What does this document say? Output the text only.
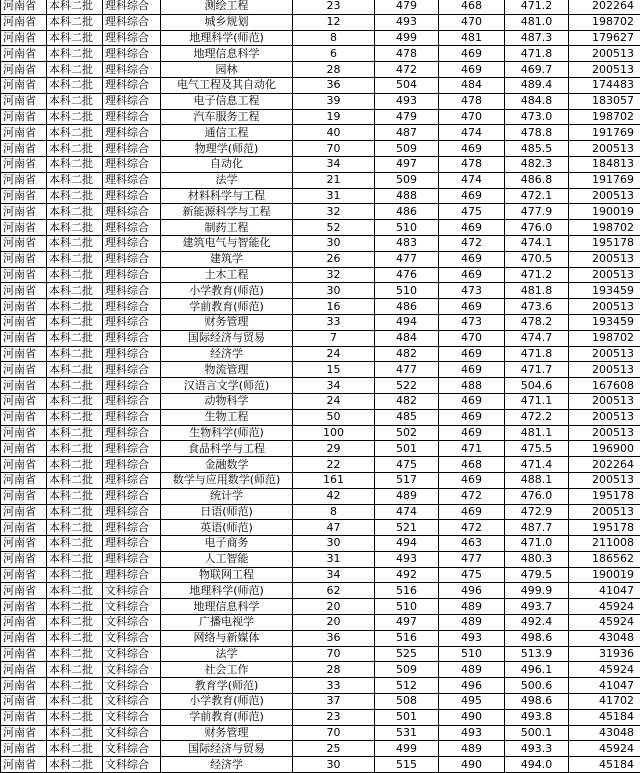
河南省	本科二批	理科综合	测绘工程	23	479	468	471.2	202264
河南省	本科二批	理科综合	城乡规划	12	493	470	481.0	198702
河南省	本科二批	理科综合	地理科学(师范)	8	499	481	487.3	179627
河南省	本科二批	理科综合	地理信息科学	6	478	469	471.8	200513
河南省	本科二批	理科综合	园林	28	472	469	469.7	200513
河南省	本科二批	理科综合	电气工程及其自动化	36	504	484	489.4	174483
河南省	本科二批	理科综合	电子信息工程	39	493	478	484.8	183057
河南省	本科二批	理科综合	汽车服务工程	19	479	470	473.0	198702
河南省	本科二批	理科综合	通信工程	40	487	474	478.8	191769
河南省	本科二批	理科综合	物理学(师范)	70	509	469	485.5	200513
河南省	本科二批	理科综合	自动化	34	497	478	482.3	184813
河南省	本科二批	理科综合	法学	21	509	474	486.8	191769
河南省	本科二批	理科综合	材料科学与工程	31	488	469	472.1	200513
河南省	本科二批	理科综合	新能源科学与工程	32	486	475	477.9	190019
河南省	本科二批	理科综合	制药工程	52	510	469	476.0	198702
河南省	本科二批	理科综合	建筑电气与智能化	30	483	472	474.1	195178
河南省	本科二批	理科综合	建筑学	26	477	469	470.5	200513
河南省	本科二批	理科综合	土木工程	32	476	469	471.2	200513
河南省	本科二批	理科综合	小学教育(师范)	30	510	473	481.8	193459
河南省	本科二批	理科综合	学前教育(师范)	16	486	469	473.6	200513
河南省	本科二批	理科综合	财务管理	33	494	473	478.2	193459
河南省	本科二批	理科综合	国际经济与贸易	7	484	470	474.7	198702
河南省	本科二批	理科综合	经济学	24	482	469	471.8	200513
河南省	本科二批	理科综合	物流管理	15	477	469	471.7	200513
河南省	本科二批	理科综合	汉语言文学(师范)	34	522	488	504.6	167608
河南省	本科二批	理科综合	动物科学	24	482	469	471.1	200513
河南省	本科二批	理科综合	生物工程	50	485	469	472.2	200513
河南省	本科二批	理科综合	生物科学(师范)	100	502	469	481.1	200513
河南省	本科二批	理科综合	食品科学与工程	29	501	471	475.5	196900
河南省	本科二批	理科综合	金融数学	22	475	468	471.4	202264
河南省	本科二批	理科综合	数学与应用数学(师范)	161	517	469	488.1	200513
河南省	本科二批	理科综合	统计学	42	489	472	476.0	195178
河南省	本科二批	理科综合	日语(师范)	8	474	469	472.9	200513
河南省	本科二批	理科综合	英语(师范)	47	521	472	487.7	195178
河南省	本科二批	理科综合	电子商务	30	494	463	471.0	211008
河南省	本科二批	理科综合	人工智能	31	493	477	480.3	186562
河南省	本科二批	理科综合	物联网工程	34	492	475	479.5	190019
河南省	本科二批	文科综合	地理科学(师范)	62	516	496	499.9	41047
河南省	本科二批	文科综合	地理信息科学	20	510	489	493.7	45924
河南省	本科二批	文科综合	广播电视学	20	497	489	492.4	45924
河南省	本科二批	文科综合	网络与新媒体	36	516	493	498.6	43048
河南省	本科二批	文科综合	法学	70	525	510	513.9	31936
河南省	本科二批	文科综合	社会工作	28	509	489	496.1	45924
河南省	本科二批	文科综合	教育学(师范)	33	512	496	500.6	41047
河南省	本科二批	文科综合	小学教育(师范)	37	508	495	498.6	41702
河南省	本科二批	文科综合	学前教育(师范)	23	501	490	493.8	45184
河南省	本科二批	文科综合	财务管理	70	531	493	500.1	43048
河南省	本科二批	文科综合	国际经济与贸易	25	499	489	493.3	45924
河南省	本科二批	文科综合	经济学	30	515	490	494.0	45184
